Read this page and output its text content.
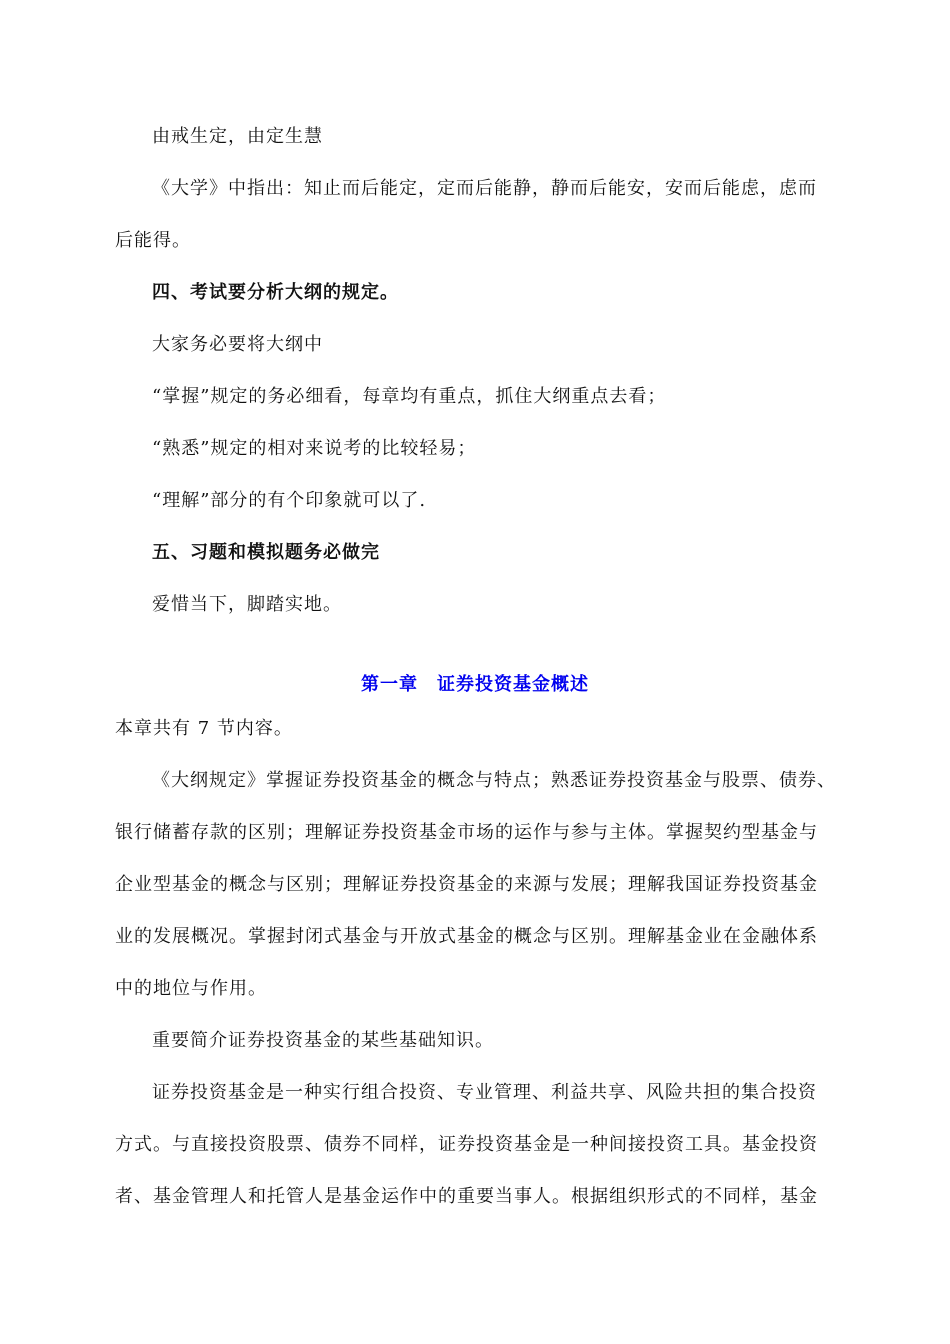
由戒生定，由定生慧
《大学》中指出：知止而后能定，定而后能静，静而后能安，安而后能虑，虑而
后能得。
四、考试要分析大纲的规定。
大家务必要将大纲中
“掌握”规定的务必细看，每章均有重点，抓住大纲重点去看；
“熟悉”规定的相对来说考的比较轻易；
“理解”部分的有个印象就可以了.
五、习题和模拟题务必做完
爱惜当下，脚踏实地。
第一章　证券投资基金概述
本章共有 7 节内容。
《大纲规定》掌握证券投资基金的概念与特点；熟悉证券投资基金与股票、债券、
银行储蓄存款的区别；理解证券投资基金市场的运作与参与主体。掌握契约型基金与
企业型基金的概念与区别；理解证券投资基金的来源与发展；理解我国证券投资基金
业的发展概况。掌握封闭式基金与开放式基金的概念与区别。理解基金业在金融体系
中的地位与作用。
重要简介证券投资基金的某些基础知识。
证券投资基金是一种实行组合投资、专业管理、利益共享、风险共担的集合投资
方式。与直接投资股票、债券不同样，证券投资基金是一种间接投资工具。基金投资
者、基金管理人和托管人是基金运作中的重要当事人。根据组织形式的不同样，基金
